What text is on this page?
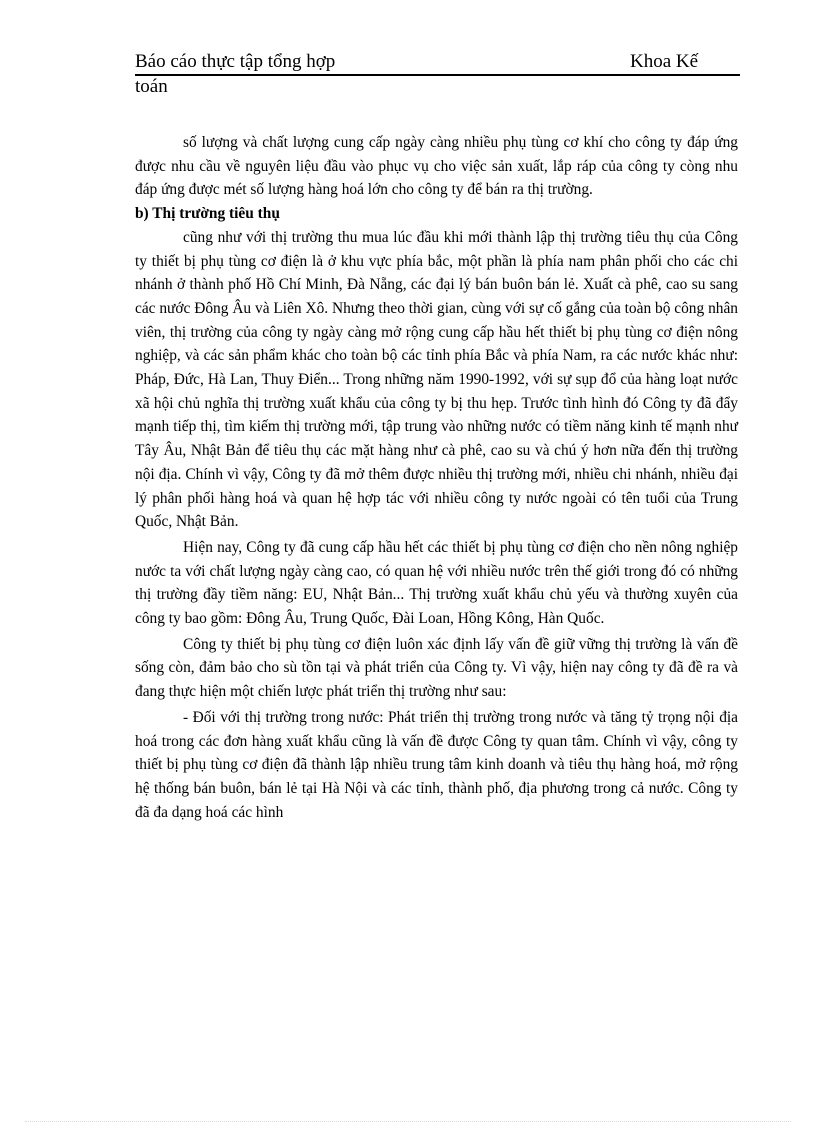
Báo cáo thực tập tổng hợp	Khoa Kế
toán

số lượng và chất lượng cung cấp ngày càng nhiều phụ tùng cơ khí cho công ty đáp ứng được nhu cầu về nguyên liệu đầu vào phục vụ cho việc sản xuất, lắp ráp của công ty còng nhu đáp ứng được mét số lượng hàng hoá lớn cho công ty để bán ra thị trường.

b) Thị trường tiêu thụ

cũng như với thị trường thu mua lúc đầu khi mới thành lập thị trường tiêu thụ của Công ty thiết bị phụ tùng cơ điện là ở khu vực phía bắc, một phần là phía nam phân phối cho các chi nhánh ở thành phố Hồ Chí Minh, Đà Nẵng, các đại lý bán buôn bán lẻ. Xuất cà phê, cao su sang các nước Đông Âu và Liên Xô. Nhưng theo thời gian, cùng với sự cố gắng của toàn bộ công nhân viên, thị trường của công ty ngày càng mở rộng cung cấp hầu hết thiết bị phụ tùng cơ điện nông nghiệp, và các sản phẩm khác cho toàn bộ các tỉnh phía Bắc và phía Nam, ra các nước khác như: Pháp, Đức, Hà Lan, Thuy Điển... Trong những năm 1990-1992, với sự sụp đổ của hàng loạt nước xã hội chủ nghĩa thị trường xuất khẩu của công ty bị thu hẹp. Trước tình hình đó Công ty đã đẩy mạnh tiếp thị, tìm kiếm thị trường mới, tập trung vào những nước có tiềm năng kinh tế mạnh như Tây Âu, Nhật Bản để tiêu thụ các mặt hàng như cà phê, cao su và chú ý hơn nữa đến thị trường nội địa. Chính vì vậy, Công ty đã mở thêm được nhiều thị trường mới, nhiều chi nhánh, nhiều đại lý phân phối hàng hoá và quan hệ hợp tác với nhiều công ty nước ngoài có tên tuổi của Trung Quốc, Nhật Bản.

Hiện nay, Công ty đã cung cấp hầu hết các thiết bị phụ tùng cơ điện cho nền nông nghiệp nước ta với chất lượng ngày càng cao, có quan hệ với nhiều nước trên thế giới trong đó có những thị trường đầy tiềm năng: EU, Nhật Bản... Thị trường xuất khẩu chủ yếu và thường xuyên của công ty bao gồm: Đông Âu, Trung Quốc, Đài Loan, Hồng Kông, Hàn Quốc.

Công ty thiết bị phụ tùng cơ điện luôn xác định lấy vấn đề giữ vững thị trường là vấn đề sống còn, đảm bảo cho sù tồn tại và phát triển của Công ty. Vì vậy, hiện nay công ty đã đề ra và đang thực hiện một chiến lược phát triển thị trường như sau:

- Đối với thị trường trong nước: Phát triển thị trường trong nước và tăng tỷ trọng nội địa hoá trong các đơn hàng xuất khẩu cũng là vấn đề được Công ty quan tâm. Chính vì vậy, công ty thiết bị phụ tùng cơ điện đã thành lập nhiều trung tâm kinh doanh và tiêu thụ hàng hoá, mở rộng hệ thống bán buôn, bán lẻ tại Hà Nội và các tỉnh, thành phố, địa phương trong cả nước. Công ty đã đa dạng hoá các hình
